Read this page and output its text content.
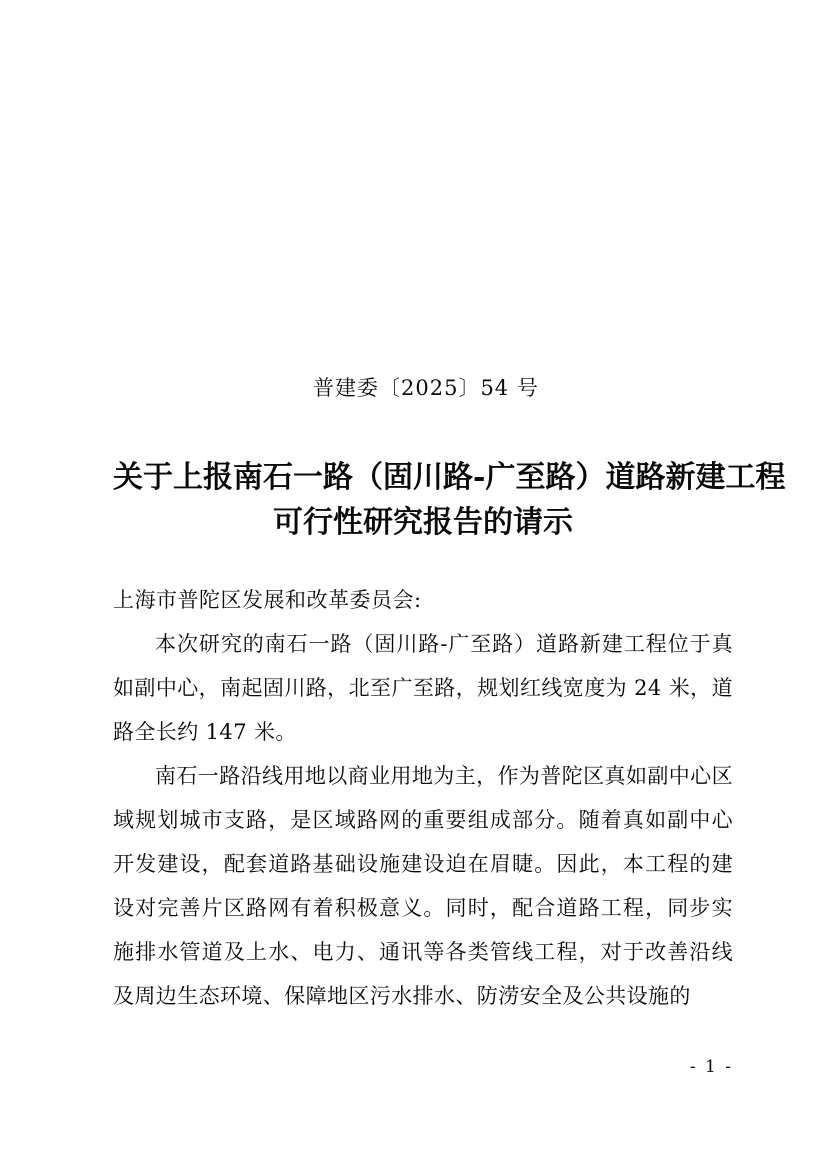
普建委〔2025〕54 号
关于上报南石一路（固川路-广至路）道路新建工程
可行性研究报告的请示
上海市普陀区发展和改革委员会:

本次研究的南石一路（固川路-广至路）道路新建工程位于真如副中心，南起固川路，北至广至路，规划红线宽度为 24 米，道路全长约 147 米。

南石一路沿线用地以商业用地为主，作为普陀区真如副中心区域规划城市支路，是区域路网的重要组成部分。随着真如副中心开发建设，配套道路基础设施建设迫在眉睫。因此，本工程的建设对完善片区路网有着积极意义。同时，配合道路工程，同步实施排水管道及上水、电力、通讯等各类管线工程，对于改善沿线及周边生态环境、保障地区污水排水、防涝安全及公共设施的

- 1 -
